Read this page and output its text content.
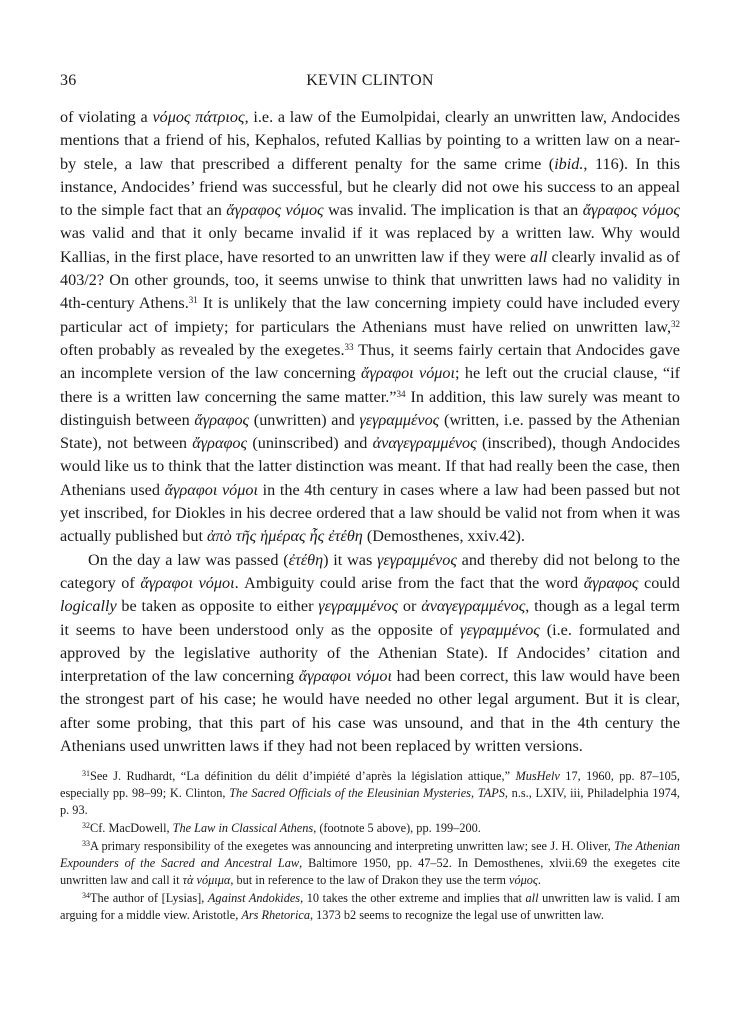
36	KEVIN CLINTON

of violating a νόμος πάτριος, i.e. a law of the Eumolpidai, clearly an unwritten law, Andocides mentions that a friend of his, Kephalos, refuted Kallias by pointing to a written law on a near-by stele, a law that prescribed a different penalty for the same crime (ibid., 116). In this instance, Andocides’ friend was successful, but he clearly did not owe his success to an appeal to the simple fact that an ἄγραφος νόμος was invalid. The implication is that an ἄγραφος νόμος was valid and that it only became invalid if it was replaced by a written law. Why would Kallias, in the first place, have resorted to an unwritten law if they were all clearly invalid as of 403/2? On other grounds, too, it seems unwise to think that unwritten laws had no validity in 4th-century Athens.$^{31}$ It is unlikely that the law concerning impiety could have included every particular act of impiety; for particulars the Athenians must have relied on unwritten law,$^{32}$ often probably as revealed by the exegetes.$^{33}$ Thus, it seems fairly certain that Andocides gave an incomplete version of the law concerning ἄγραφοι νόμοι; he left out the crucial clause, “if there is a written law concerning the same matter.”$^{34}$ In addition, this law surely was meant to distinguish between ἄγραφος (unwritten) and γεγραμμένος (written, i.e. passed by the Athenian State), not between ἄγραφος (uninscribed) and ἀναγεγραμμένος (inscribed), though Andocides would like us to think that the latter distinction was meant. If that had really been the case, then Athenians used ἄγραφοι νόμοι in the 4th century in cases where a law had been passed but not yet inscribed, for Diokles in his decree ordered that a law should be valid not from when it was actually published but ἀπὸ τῆς ἡμέρας ἧς ἐτέθη (Demosthenes, xxiv.42).

On the day a law was passed (ἐτέθη) it was γεγραμμένος and thereby did not belong to the category of ἄγραφοι νόμοι. Ambiguity could arise from the fact that the word ἄγραφος could logically be taken as opposite to either γεγραμμένος or ἀναγεγραμμένος, though as a legal term it seems to have been understood only as the opposite of γεγραμμένος (i.e. formulated and approved by the legislative authority of the Athenian State). If Andocides’ citation and interpretation of the law concerning ἄγραφοι νόμοι had been correct, this law would have been the strongest part of his case; he would have needed no other legal argument. But it is clear, after some probing, that this part of his case was unsound, and that in the 4th century the Athenians used unwritten laws if they had not been replaced by written versions.

$^{31}$See J. Rudhardt, “La définition du délit d’impiété d’après la législation attique,” MusHelv 17, 1960, pp. 87–105, especially pp. 98–99; K. Clinton, The Sacred Officials of the Eleusinian Mysteries, TAPS, n.s., LXIV, iii, Philadelphia 1974, p. 93.

$^{32}$Cf. MacDowell, The Law in Classical Athens, (footnote 5 above), pp. 199–200.

$^{33}$A primary responsibility of the exegetes was announcing and interpreting unwritten law; see J. H. Oliver, The Athenian Expounders of the Sacred and Ancestral Law, Baltimore 1950, pp. 47–52. In Demosthenes, xlvii.69 the exegetes cite unwritten law and call it τὰ νόμιμα, but in reference to the law of Drakon they use the term νόμος.

$^{34}$The author of [Lysias], Against Andokides, 10 takes the other extreme and implies that all unwritten law is valid. I am arguing for a middle view. Aristotle, Ars Rhetorica, 1373 b2 seems to recognize the legal use of unwritten law.
